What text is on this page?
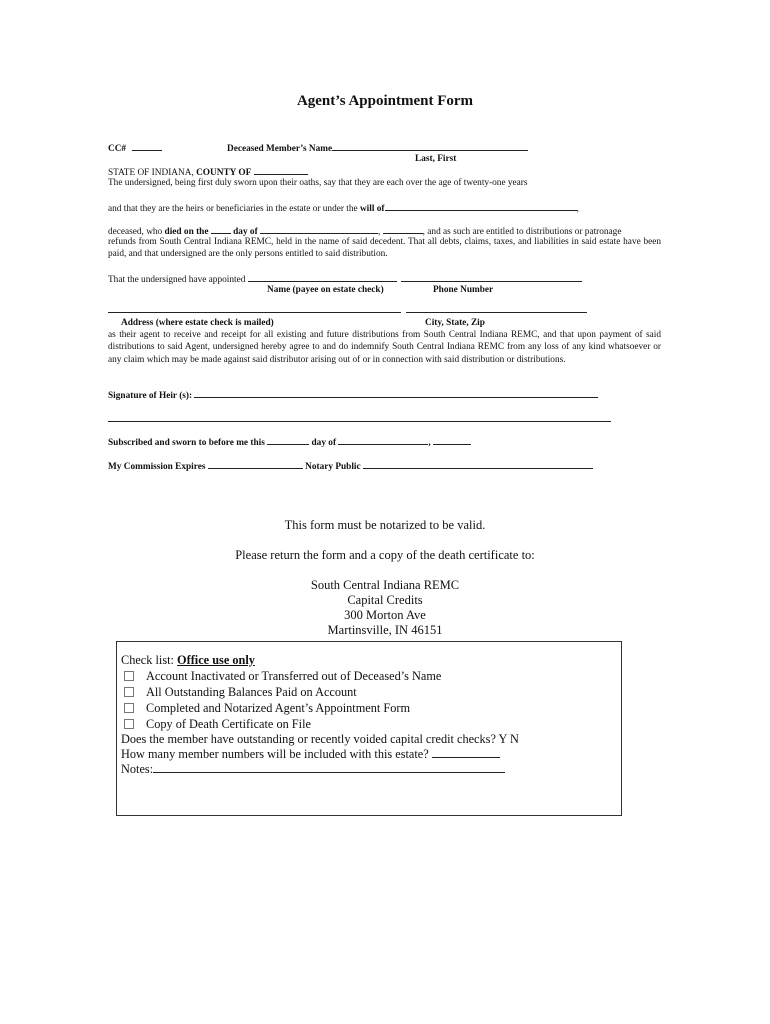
Agent’s Appointment Form
CC#	Deceased Member’s Name
Last, First
STATE OF INDIANA, COUNTY OF
The undersigned, being first duly sworn upon their oaths, say that they are each over the age of twenty-one years
and that they are the heirs or beneficiaries in the estate or under the will of	,
deceased, who died on the	day of	,	, and as such are entitled to distributions or patronage
refunds from South Central Indiana REMC, held in the name of said decedent. That all debts, claims, taxes, and liabilities in said estate have been paid, and that undersigned are the only persons entitled to said distribution.
That the undersigned have appointed
Name (payee on estate check)	Phone Number
Address (where estate check is mailed)	City, State, Zip
as their agent to receive and receipt for all existing and future distributions from South Central Indiana REMC, and that upon payment of said distributions to said Agent, undersigned hereby agree to and do indemnify South Central Indiana REMC from any loss of any kind whatsoever or any claim which may be made against said distributor arising out of or in connection with said distribution or distributions.
Signature of Heir (s):
Subscribed and sworn to before me this	day of	,
My Commission Expires	Notary Public
This form must be notarized to be valid.
Please return the form and a copy of the death certificate to:
South Central Indiana REMC
Capital Credits
300 Morton Ave
Martinsville, IN 46151
Check list: Office use only
Account Inactivated or Transferred out of Deceased’s Name
All Outstanding Balances Paid on Account
Completed and Notarized Agent’s Appointment Form
Copy of Death Certificate on File
Does the member have outstanding or recently voided capital credit checks? Y N
How many member numbers will be included with this estate?
Notes:
